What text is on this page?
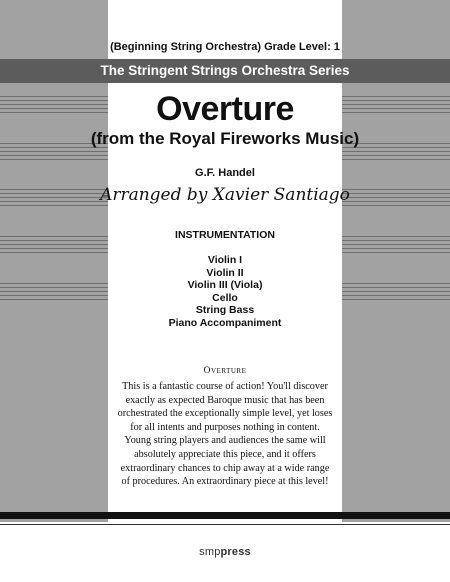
(Beginning String Orchestra) Grade Level: 1
The Stringent Strings Orchestra Series
Overture
(from the Royal Fireworks Music)
G.F. Handel
Arranged by Xavier Santiago
INSTRUMENTATION
Violin I
Violin II
Violin III (Viola)
Cello
String Bass
Piano Accompaniment
Overture

This is a fantastic course of action! You'll discover exactly as expected Baroque music that has been orchestrated the exceptionally simple level, yet loses for all intents and purposes nothing in content. Young string players and audiences the same will absolutely appreciate this piece, and it offers extraordinary chances to chip away at a wide range of procedures. An extraordinary piece at this level!

smppress
